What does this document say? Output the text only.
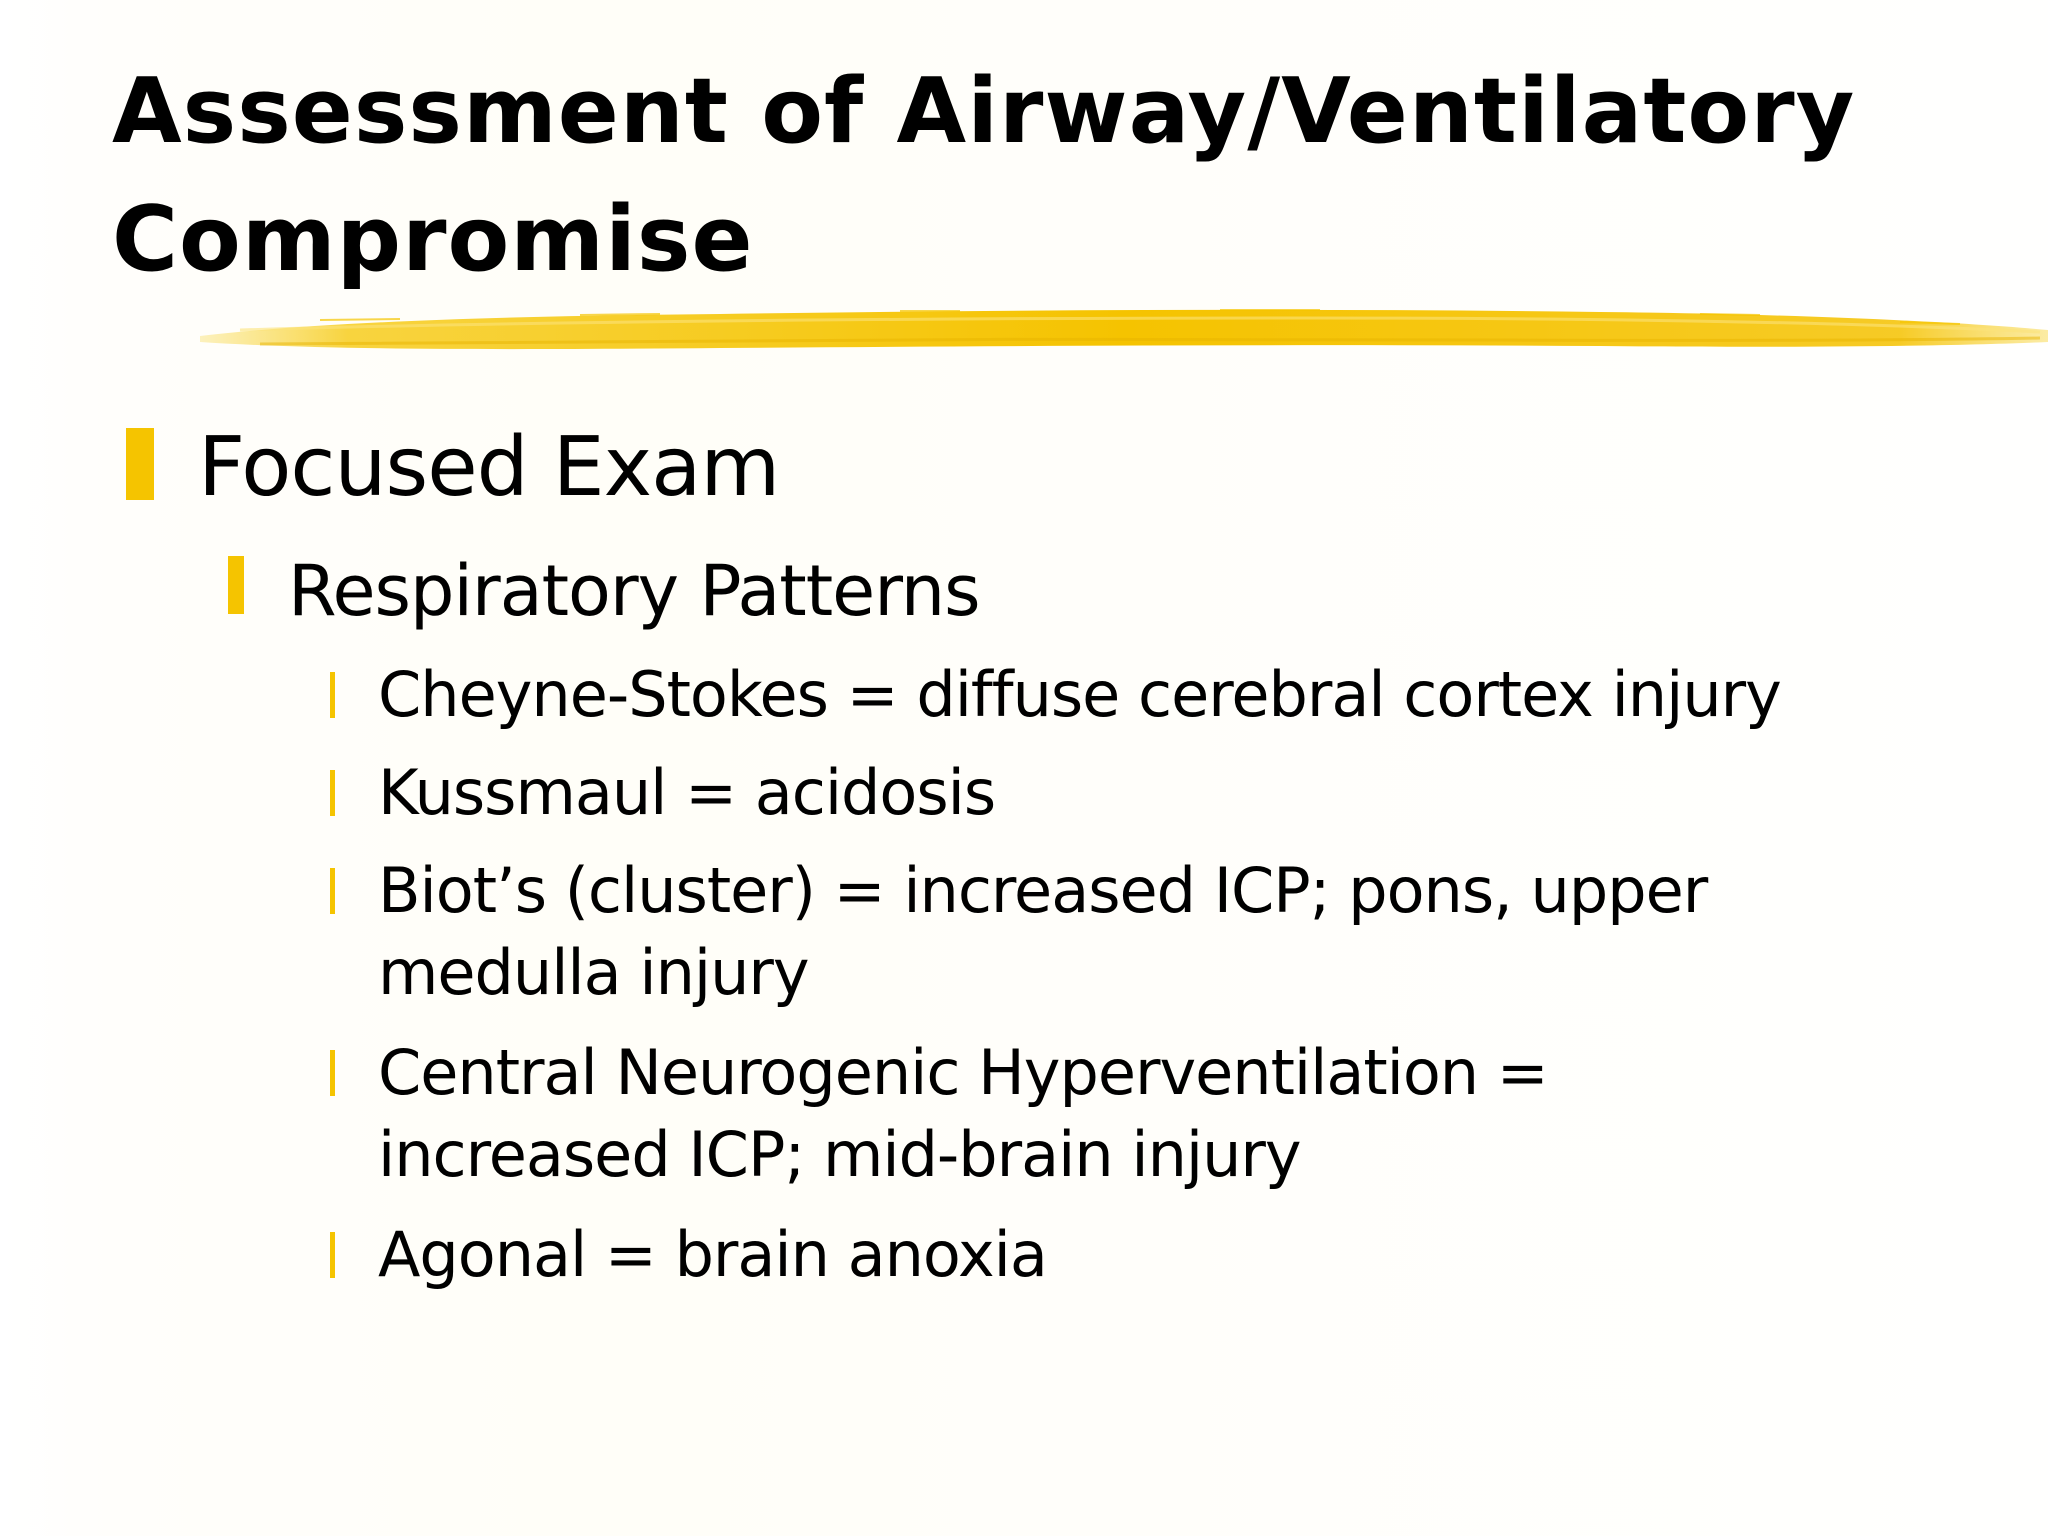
Assessment of Airway/Ventilatory Compromise
Focused Exam
Respiratory Patterns
Cheyne-Stokes = diffuse cerebral cortex injury
Kussmaul = acidosis
Biot’s (cluster) = increased ICP; pons, upper medulla injury
Central Neurogenic Hyperventilation = increased ICP; mid-brain injury
Agonal = brain anoxia
